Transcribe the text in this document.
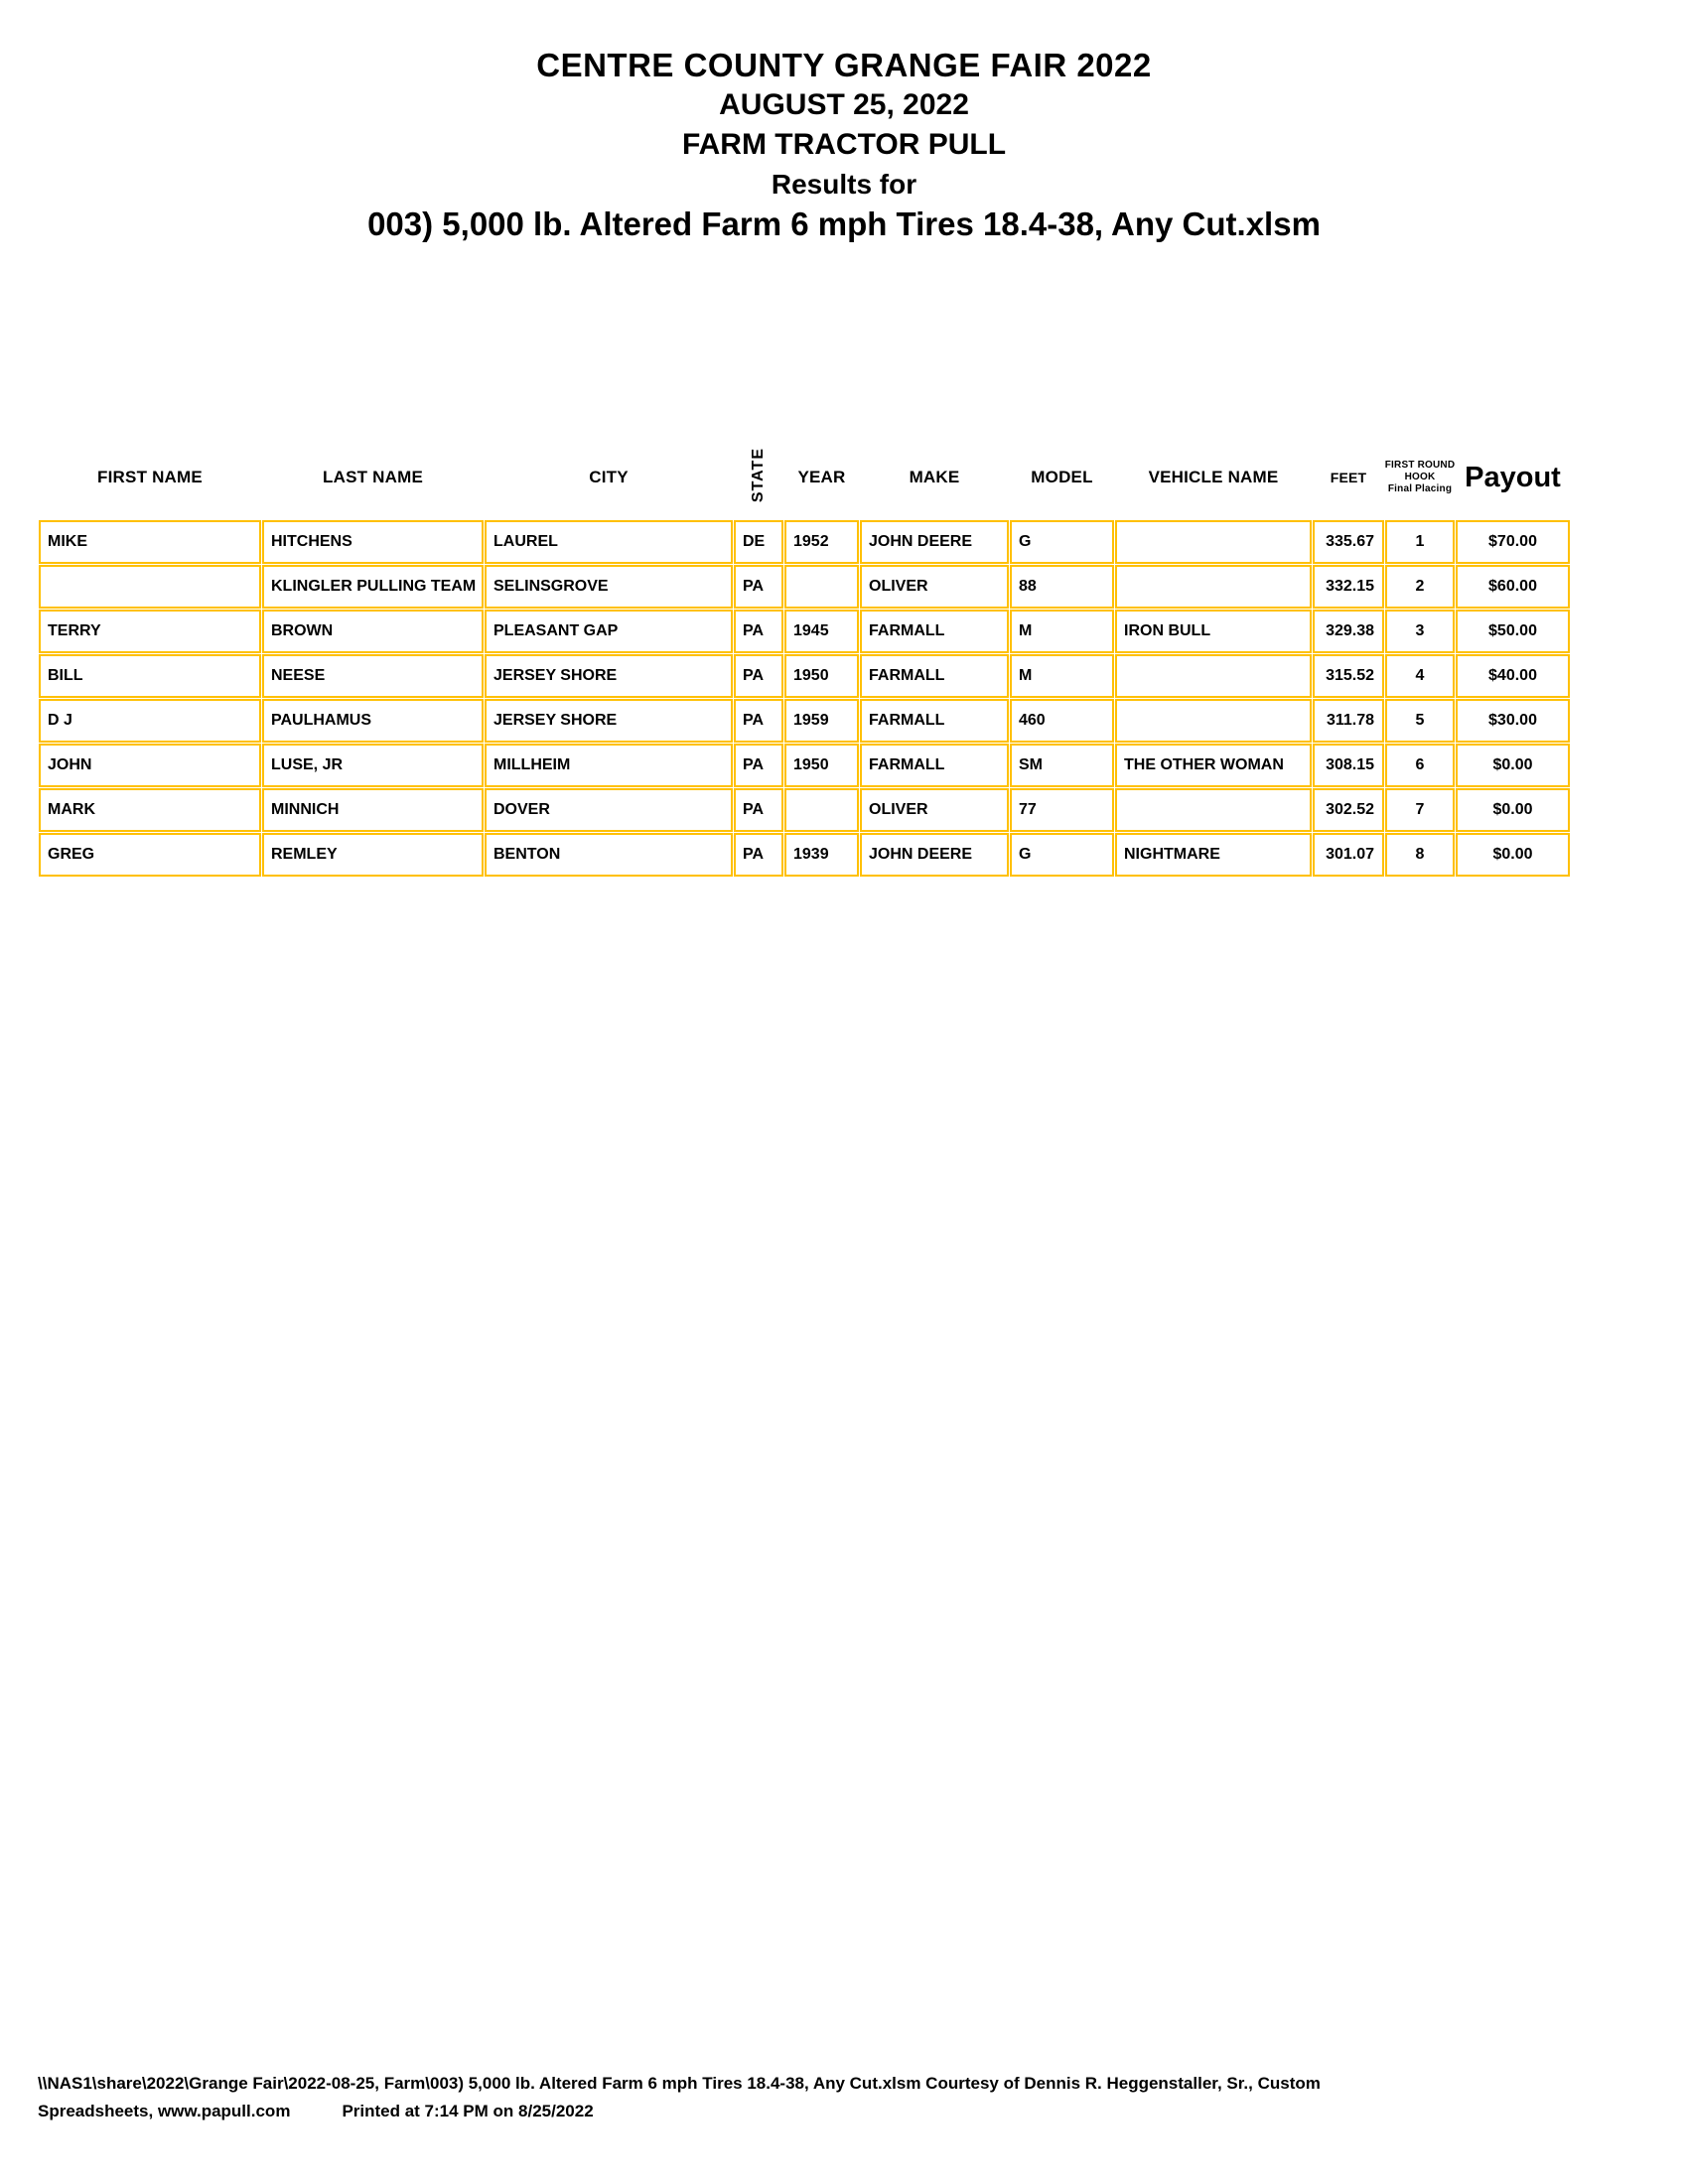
CENTRE COUNTY GRANGE FAIR 2022
AUGUST 25, 2022
FARM TRACTOR PULL
Results for
003) 5,000 lb. Altered Farm 6 mph Tires 18.4-38, Any Cut.xlsm
FIRST NAME	LAST NAME	CITY	STATE	YEAR	MAKE	MODEL	VEHICLE NAME	FEET	FIRST ROUND
HOOK
Final Placing	Payout
MIKE	HITCHENS	LAUREL	DE	1952	JOHN DEERE	G		335.67	1	$70.00
	KLINGLER PULLING TEAM	SELINSGROVE	PA		OLIVER	88		332.15	2	$60.00
TERRY	BROWN	PLEASANT GAP	PA	1945	FARMALL	M	IRON BULL	329.38	3	$50.00
BILL	NEESE	JERSEY SHORE	PA	1950	FARMALL	M		315.52	4	$40.00
D J	PAULHAMUS	JERSEY SHORE	PA	1959	FARMALL	460		311.78	5	$30.00
JOHN	LUSE, JR	MILLHEIM	PA	1950	FARMALL	SM	THE OTHER WOMAN	308.15	6	$0.00
MARK	MINNICH	DOVER	PA		OLIVER	77		302.52	7	$0.00
GREG	REMLEY	BENTON	PA	1939	JOHN DEERE	G	NIGHTMARE	301.07	8	$0.00
\\NAS1\share\2022\Grange Fair\2022-08-25, Farm\003) 5,000 lb. Altered Farm 6 mph Tires 18.4-38, Any Cut.xlsm Courtesy of Dennis R. Heggenstaller, Sr., Custom
Spreadsheets, www.papull.com	Printed at 7:14 PM on 8/25/2022
